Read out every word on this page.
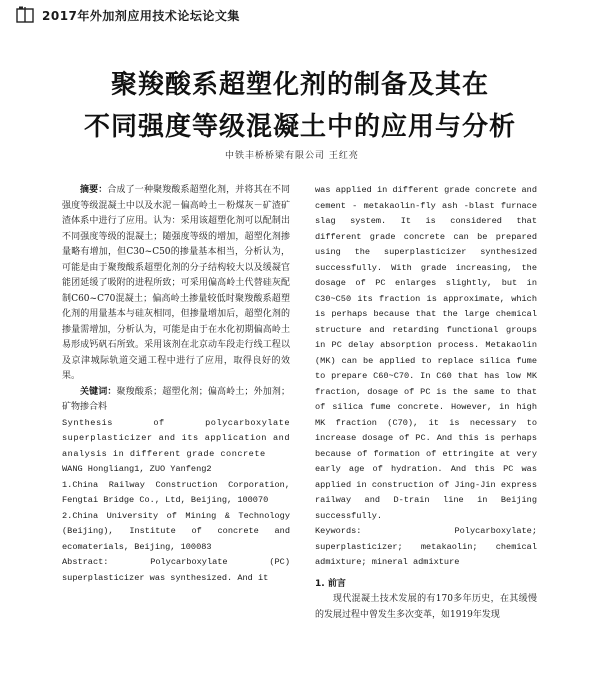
2017年外加剂应用技术论坛论文集
聚羧酸系超塑化剂的制备及其在
不同强度等级混凝土中的应用与分析
中铁丰桥桥梁有限公司 王红亮

摘要：合成了一种聚羧酸系超塑化剂，并将其在不同强度等级混凝土中以及水泥－偏高岭土－粉煤灰－矿渣矿渣体系中进行了应用。认为：采用该超塑化剂可以配制出不同强度等级的混凝土；随强度等级的增加，超塑化剂掺量略有增加，但C30~C50的掺量基本相当，分析认为，可能是由于聚羧酸系超塑化剂的分子结构较大以及缓凝官能团延缓了吸附的进程所致；可采用偏高岭土代替硅灰配制C60~C70混凝土；偏高岭土掺量较低时聚羧酸系超塑化剂的用量基本与硅灰相同，但掺量增加后，超塑化剂的掺量需增加，分析认为，可能是由于在水化初期偏高岭土易形成钙矾石所致。采用该剂在北京动车段走行线工程以及京津城际轨道交通工程中进行了应用，取得良好的效果。

关键词：聚羧酸系；超塑化剂；偏高岭土；外加剂；矿物掺合料

Synthesis of polycarboxylate superplasticizer and its application and analysis in different grade concrete

WANG Hongliang1, ZUO Yanfeng2

1.China Railway Construction Corporation, Fengtai Bridge Co., Ltd, Beijing, 100070

2.China University of Mining & Technology (Beijing), Institute of concrete and ecomaterials, Beijing, 100083

Abstract: Polycarboxylate (PC) superplasticizer was synthesized. And it

was applied in different grade concrete and cement - metakaolin-fly ash -blast furnace slag system. It is considered that different grade concrete can be prepared using the superplasticizer synthesized successfully. With grade increasing, the dosage of PC enlarges slightly, but in C30~C50 its fraction is approximate, which is perhaps because that the large chemical structure and retarding functional groups in PC delay absorption process. Metakaolin (MK) can be applied to replace silica fume to prepare C60~C70. In C60 that has low MK fraction, dosage of PC is the same to that of silica fume concrete. However, in high MK fraction (C70), it is necessary to increase dosage of PC. And this is perhaps because of formation of ettringite at very early age of hydration. And this PC was applied in construction of Jing-Jin express railway and D-train line in Beijing successfully.

Keywords: Polycarboxylate; superplasticizer; metakaolin; chemical admixture; mineral admixture

1. 前言

现代混凝土技术发展的有170多年历史，在其缓慢的发展过程中曾发生多次变革，如1919年发现
